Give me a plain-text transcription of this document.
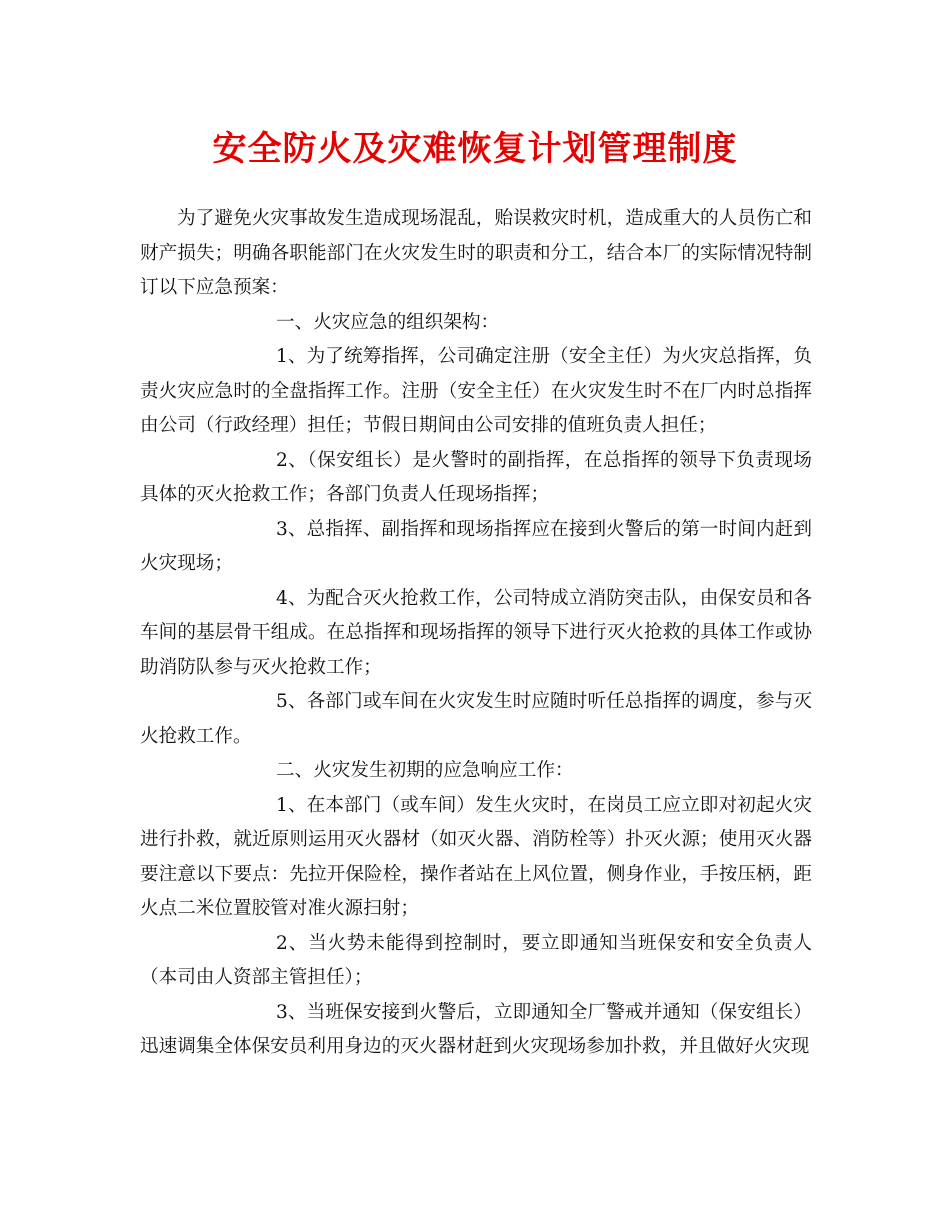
安全防火及灾难恢复计划管理制度

为了避免火灾事故发生造成现场混乱，贻误救灾时机，造成重大的人员伤亡和财产损失；明确各职能部门在火灾发生时的职责和分工，结合本厂的实际情况特制订以下应急预案：

一、火灾应急的组织架构：

1、为了统筹指挥，公司确定注册（安全主任）为火灾总指挥，负责火灾应急时的全盘指挥工作。注册（安全主任）在火灾发生时不在厂内时总指挥由公司（行政经理）担任；节假日期间由公司安排的值班负责人担任；

2、（保安组长）是火警时的副指挥，在总指挥的领导下负责现场具体的灭火抢救工作；各部门负责人任现场指挥；

3、总指挥、副指挥和现场指挥应在接到火警后的第一时间内赶到火灾现场；

4、为配合灭火抢救工作，公司特成立消防突击队，由保安员和各车间的基层骨干组成。在总指挥和现场指挥的领导下进行灭火抢救的具体工作或协助消防队参与灭火抢救工作；

5、各部门或车间在火灾发生时应随时听任总指挥的调度，参与灭火抢救工作。

二、火灾发生初期的应急响应工作：

1、在本部门（或车间）发生火灾时，在岗员工应立即对初起火灾进行扑救，就近原则运用灭火器材（如灭火器、消防栓等）扑灭火源；使用灭火器要注意以下要点：先拉开保险栓，操作者站在上风位置，侧身作业，手按压柄，距火点二米位置胶管对准火源扫射；

2、当火势未能得到控制时，要立即通知当班保安和安全负责人（本司由人资部主管担任）；

3、当班保安接到火警后，立即通知全厂警戒并通知（保安组长）迅速调集全体保安员利用身边的灭火器材赶到火灾现场参加扑救，并且做好火灾现
